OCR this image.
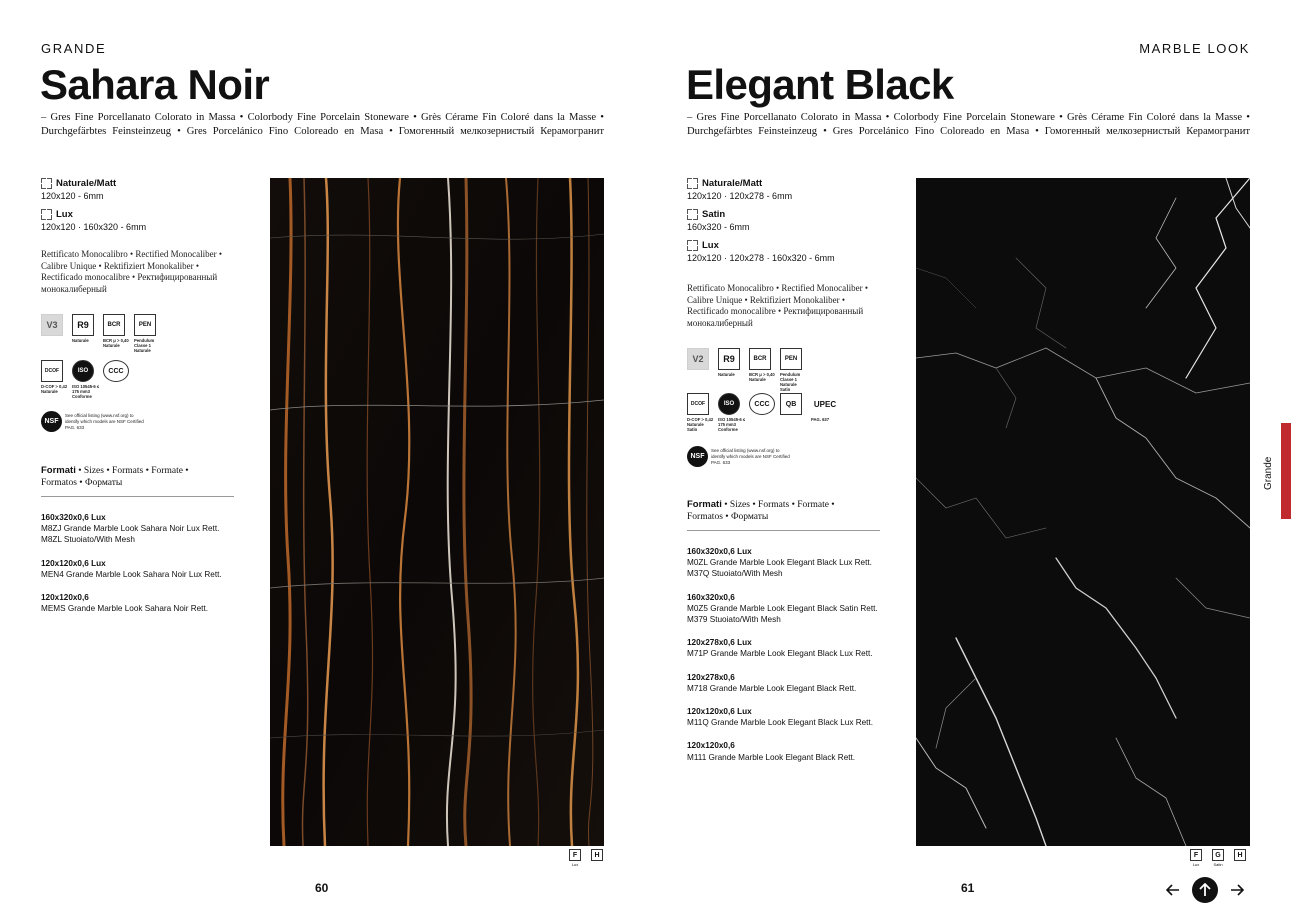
GRANDE
Sahara Noir
– Gres Fine Porcellanato Colorato in Massa • Colorbody Fine Porcelain Stoneware • Grès Cérame Fin Coloré dans la Masse • Durchgefärbtes Feinsteinzeug • Gres Porcelánico Fino Coloreado en Masa • Гомогенный мелкозернистый Керамогранит
Naturale/Matt
120x120 - 6mm
Lux
120x120 · 160x320 - 6mm
Rettificato Monocalibro • Rectified Monocaliber • Calibre Unique • Rektifiziert Monokaliber • Rectificado monocalibre • Ректифицированный монокалиберный
V3	R9
Naturale
BCR
BCR μ > 0,40 Naturale
PEN
Pendulum Classe 1 Naturale
DCOF
D-COF > 0,42 Naturale
ISO
ISO 10545-6 ≤ 175 mm3 Conforme
CCC
NSF
See official listing (www.nsf.org) to identify which models are NSF Certified PAG. 633
Formati • Sizes • Formats • Formate • Formatos • Форматы
160x320x0,6 Lux
M8ZJ Grande Marble Look Sahara Noir Lux Rett.
M8ZL Stuoiato/With Mesh
120x120x0,6 Lux
MEN4 Grande Marble Look Sahara Noir Lux Rett.
120x120x0,6
MEMS Grande Marble Look Sahara Noir Rett.
F
Lux
H
60
MARBLE LOOK
Elegant Black
– Gres Fine Porcellanato Colorato in Massa • Colorbody Fine Porcelain Stoneware • Grès Cérame Fin Coloré dans la Masse • Durchgefärbtes Feinsteinzeug • Gres Porcelánico Fino Coloreado en Masa • Гомогенный мелкозернистый Керамогранит
Naturale/Matt
120x120 · 120x278 - 6mm
Satin
160x320 - 6mm
Lux
120x120 · 120x278 · 160x320 - 6mm
Rettificato Monocalibro • Rectified Monocaliber • Calibre Unique • Rektifiziert Monokaliber • Rectificado monocalibre • Ректифицированный монокалиберный
V2	R9
Naturale
BCR
BCR μ > 0,40 Naturale
PEN
Pendulum Classe 1 Naturale Satin
DCOF
D-COF > 0,42 Naturale Satin
ISO
ISO 10545-6 ≤ 175 mm3 Conforme
CCC	QB	UPEC
PAG. 637
NSF
See official listing (www.nsf.org) to identify which models are NSF Certified PAG. 633
Formati • Sizes • Formats • Formate • Formatos • Форматы
160x320x0,6 Lux
M0ZL Grande Marble Look Elegant Black Lux Rett.
M37Q Stuoiato/With Mesh
160x320x0,6
M0Z5 Grande Marble Look Elegant Black Satin Rett.
M379 Stuoiato/With Mesh
120x278x0,6 Lux
M71P Grande Marble Look Elegant Black Lux Rett.
120x278x0,6
M718 Grande Marble Look Elegant Black Rett.
120x120x0,6 Lux
M11Q Grande Marble Look Elegant Black Lux Rett.
120x120x0,6
M111 Grande Marble Look Elegant Black Rett.
F
Lux
G
Satin
H
61
Grande
